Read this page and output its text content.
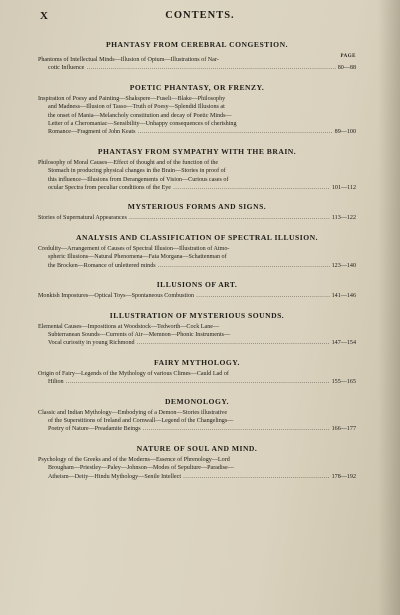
X	CONTENTS.
PHANTASY FROM CEREBRAL CONGESTION.
PAGE
Phantoms of Intellectual Minds—Illusion of Opium—Illustrations of Nar-
cotic Influence ………………………………………………………………………………………………………………………………………………………………	80—88
POETIC PHANTASY, OR FRENZY.
Inspiration of Poesy and Painting—Shakspere—Fuseli—Blake—Philosophy
and Madness—Illusion of Tasso—Truth of Poesy—Splendid Illusions at
the onset of Mania—Melancholy constitution and decay of Poetic Minds—
Letter of a Cheromaniac—Sensibility—Unhappy consequences of cherishing
Romance—Fragment of John Keats ………………………………………………………………………………………………………………………………………………………………	89—100
PHANTASY FROM SYMPATHY WITH THE BRAIN.
Philosophy of Moral Causes—Effect of thought and of the function of the
Stomach in producing physical changes in the Brain—Stories in proof of
this influence—Illusions from Derangements of Vision—Curious cases of
ocular Spectra from peculiar conditions of the Eye ………………………………………………………………………………………………………………………………………………………………	101—112
MYSTERIOUS FORMS AND SIGNS.
Stories of Supernatural Appearances ………………………………………………………………………………………………………………………………………………………………	113—122
ANALYSIS AND CLASSIFICATION OF SPECTRAL ILLUSION.
Credulity—Arrangement of Causes of Spectral Illusion—Illustration of Atmo-
spheric Illusions—Natural Phenomena—Fata Morgana—Schattenman of
the Brocken—Romance of unlettered minds ………………………………………………………………………………………………………………………………………………………………	123—140
ILLUSIONS OF ART.
Monkish Impostures—Optical Toys—Spontaneous Combustion ………………………………………………………………………………………………………………………………………………………………	141—146
ILLUSTRATION OF MYSTERIOUS SOUNDS.
Elemental Causes—Impositions at Woodstock—Tedworth—Cock Lane—
Subterranean Sounds—Currents of Air—Memnon—Phonic Instruments—
Vocal curiosity in young Richmond ………………………………………………………………………………………………………………………………………………………………	147—154
FAIRY MYTHOLOGY.
Origin of Fairy—Legends of the Mythology of various Climes—Cauld Lad of
Hilton ………………………………………………………………………………………………………………………………………………………………	155—165
DEMONOLOGY.
Classic and Indian Mythology—Embodying of a Demon—Stories illustrative
of the Superstitions of Ireland and Cornwall—Legend of the Changelings—
Poetry of Nature—Preadamite Beings ………………………………………………………………………………………………………………………………………………………………	166—177
NATURE OF SOUL AND MIND.
Psychology of the Greeks and of the Moderns—Essence of Phrenology—Lord
Brougham—Priestley—Paley—Johnson—Modes of Sepulture—Paradise—
Atheism—Deity—Hindu Mythology—Senile Intellect ………………………………………………………………………………………………………………………………………………………………	178—192
